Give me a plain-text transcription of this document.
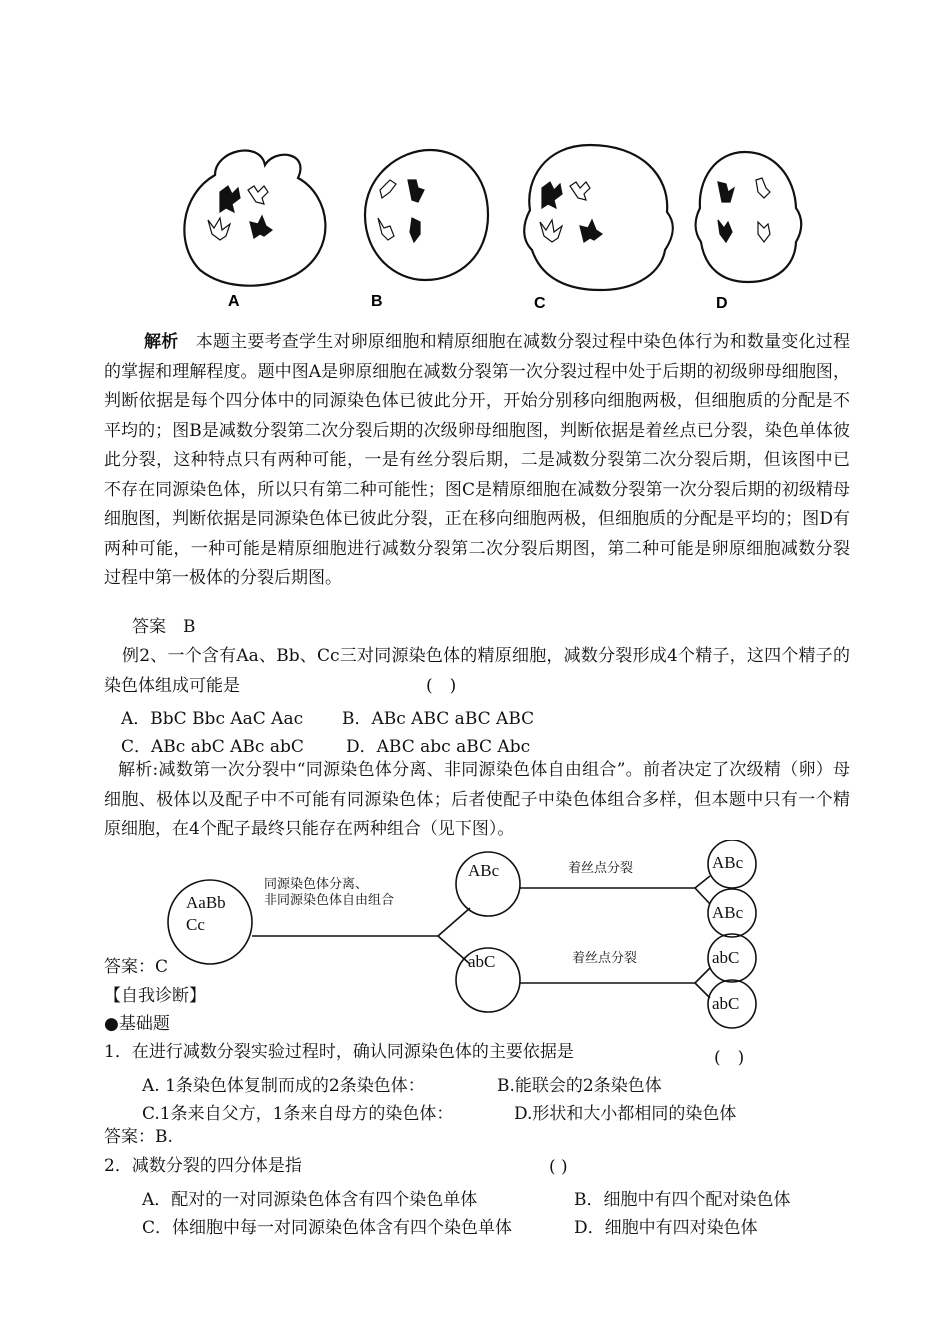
A	B	C	D
解析　 本题主要考查学生对卵原细胞和精原细胞在减数分裂过程中染色体行为和数量变化过程的掌握和理解程度。题中图A是卵原细胞在减数分裂第一次分裂过程中处于后期的初级卵母细胞图，判断依据是每个四分体中的同源染色体已彼此分开，开始分别移向细胞两极，但细胞质的分配是不平均的；图B是减数分裂第二次分裂后期的次级卵母细胞图，判断依据是着丝点已分裂，染色单体彼此分裂，这种特点只有两种可能，一是有丝分裂后期，二是减数分裂第二次分裂后期，但该图中已不存在同源染色体，所以只有第二种可能性；图C是精原细胞在减数分裂第一次分裂后期的初级精母细胞图，判断依据是同源染色体已彼此分裂，正在移向细胞两极，但细胞质的分配是平均的；图D有两种可能，一种可能是精原细胞进行减数分裂第二次分裂后期图，第二种可能是卵原细胞减数分裂过程中第一极体的分裂后期图。
答案　B
例2、一个含有Aa、Bb、Cc三对同源染色体的精原细胞，减数分裂形成4个精子，这四个精子的染色体组成可能是	(　)
A．BbC Bbc AaC Aac B．ABc ABC aBC ABC
C．ABc abC ABc abC D．ABC abc aBC Abc
解析:减数第一次分裂中“同源染色体分离、非同源染色体自由组合”。前者决定了次级精（卵）母细胞、极体以及配子中不可能有同源染色体；后者使配子中染色体组合多样，但本题中只有一个精原细胞，在4个配子最终只能存在两种组合（见下图）。
AaBb
Cc
同源染色体分离、
非同源染色体自由组合
ABc
abC
着丝点分裂
着丝点分裂
ABc
ABc
abC
abC
答案：C
【自我诊断】
●基础题
1．在进行减数分裂实验过程时，确认同源染色体的主要依据是	(　)
A. 1条染色体复制而成的2条染色体：	B.能联会的2条染色体
C.1条来自父方，1条来自母方的染色体：	D.形状和大小都相同的染色体
答案：B.
2．减数分裂的四分体是指	( )
A．配对的一对同源染色体含有四个染色单体	B．细胞中有四个配对染色体
C．体细胞中每一对同源染色体含有四个染色单体	D．细胞中有四对染色体
